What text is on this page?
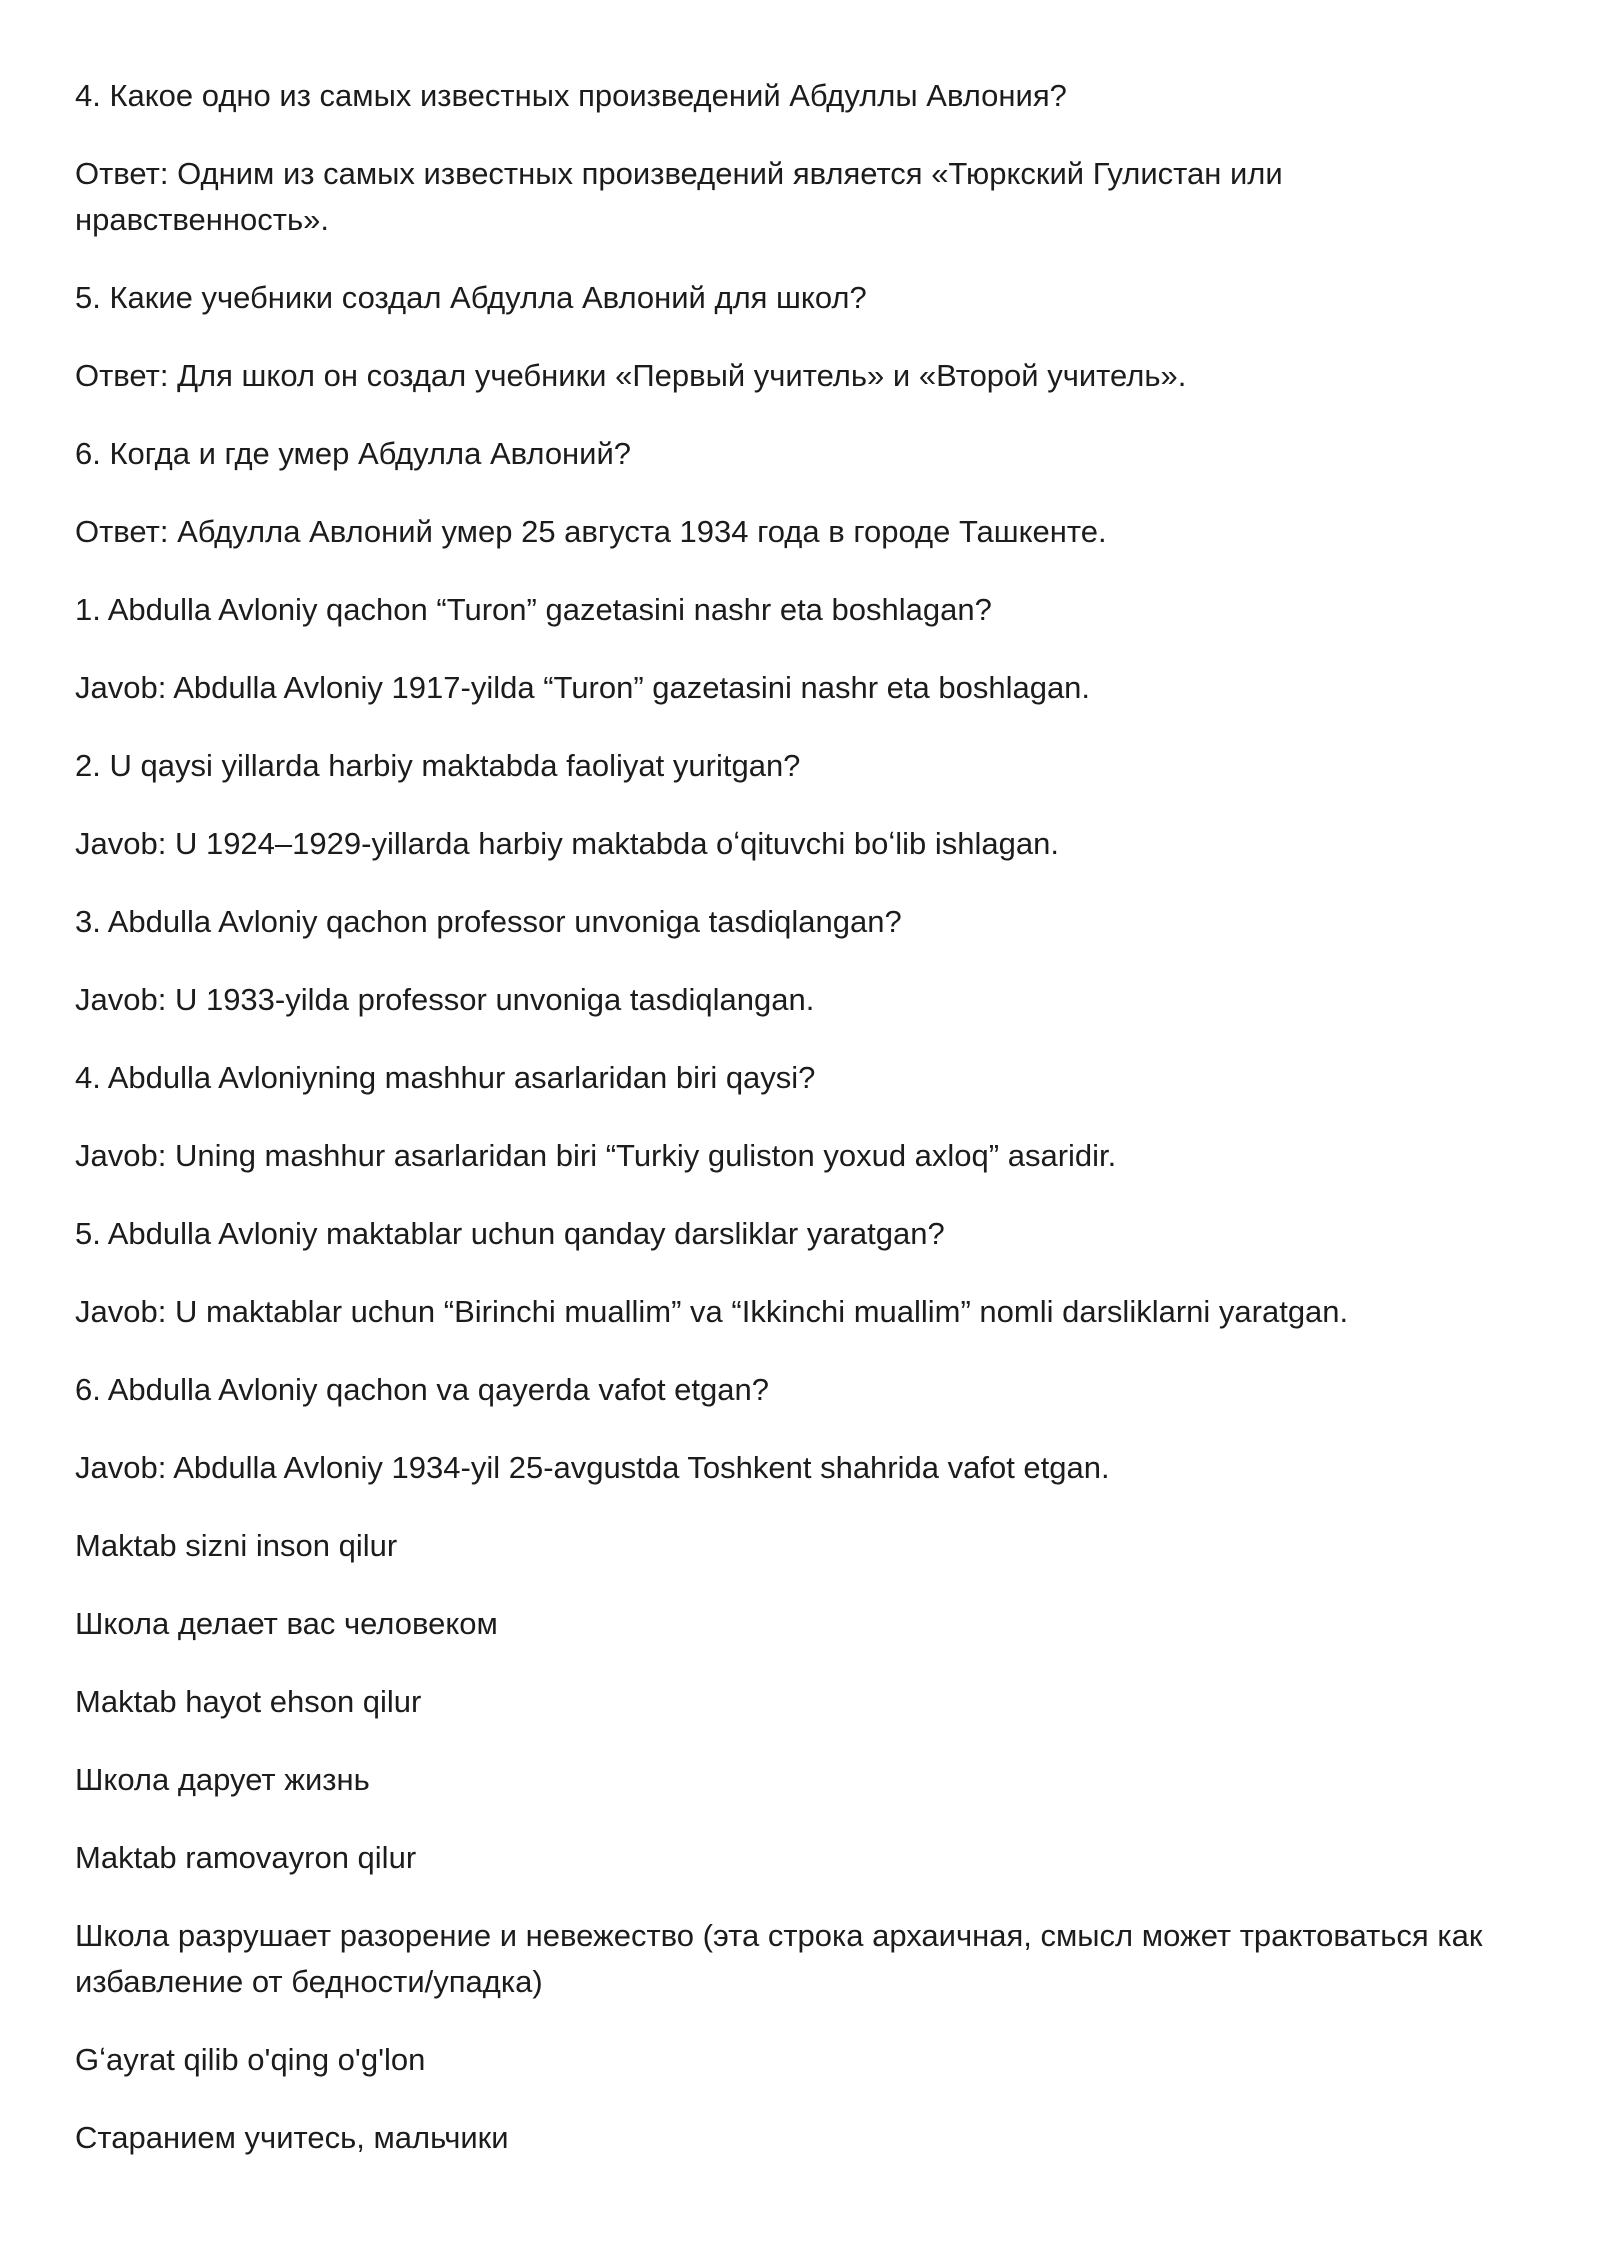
4. Какое одно из самых известных произведений Абдуллы Авлония?

Ответ: Одним из самых известных произведений является «Тюркский Гулистан или нравственность».

5. Какие учебники создал Абдулла Авлоний для школ?

Ответ: Для школ он создал учебники «Первый учитель» и «Второй учитель».

6. Когда и где умер Абдулла Авлоний?

Ответ: Абдулла Авлоний умер 25 августа 1934 года в городе Ташкенте.

1. Abdulla Avloniy qachon “Turon” gazetasini nashr eta boshlagan?

Javob: Abdulla Avloniy 1917-yilda “Turon” gazetasini nashr eta boshlagan.

2. U qaysi yillarda harbiy maktabda faoliyat yuritgan?

Javob: U 1924–1929-yillarda harbiy maktabda oʻqituvchi boʻlib ishlagan.

3. Abdulla Avloniy qachon professor unvoniga tasdiqlangan?

Javob: U 1933-yilda professor unvoniga tasdiqlangan.

4. Abdulla Avloniyning mashhur asarlaridan biri qaysi?

Javob: Uning mashhur asarlaridan biri “Turkiy guliston yoxud axloq” asaridir.

5. Abdulla Avloniy maktablar uchun qanday darsliklar yaratgan?

Javob: U maktablar uchun “Birinchi muallim” va “Ikkinchi muallim” nomli darsliklarni yaratgan.

6. Abdulla Avloniy qachon va qayerda vafot etgan?

Javob: Abdulla Avloniy 1934-yil 25-avgustda Toshkent shahrida vafot etgan.

Maktab sizni inson qilur

Школа делает вас человеком

Maktab hayot ehson qilur

Школа дарует жизнь

Maktab ramovayron qilur

Школа разрушает разорение и невежество (эта строка архаичная, смысл может трактоваться как избавление от бедности/упадка)

Gʻayrat qilib o'qing o'g'lon

Старанием учитесь, мальчики
